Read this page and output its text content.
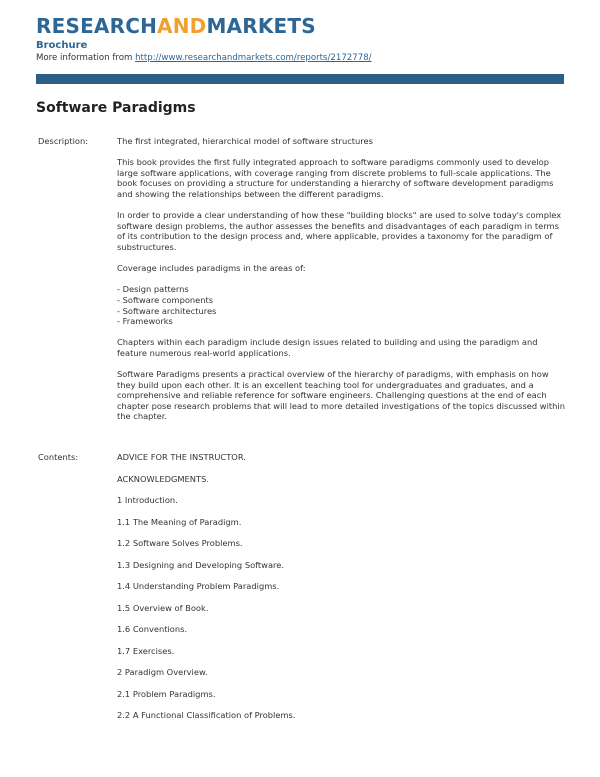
RESEARCHANDMARKETS
Brochure
More information from http://www.researchandmarkets.com/reports/2172778/
Software Paradigms
Description:	The first integrated, hierarchical model of software structures

This book provides the first fully integrated approach to software paradigms commonly used to develop large software applications, with coverage ranging from discrete problems to full-scale applications. The book focuses on providing a structure for understanding a hierarchy of software development paradigms and showing the relationships between the different paradigms.

In order to provide a clear understanding of how these "building blocks" are used to solve today's complex software design problems, the author assesses the benefits and disadvantages of each paradigm in terms of its contribution to the design process and, where applicable, provides a taxonomy for the paradigm of substructures.

Coverage includes paradigms in the areas of:

- Design patterns
- Software components
- Software architectures
- Frameworks

Chapters within each paradigm include design issues related to building and using the paradigm and feature numerous real-world applications.

Software Paradigms presents a practical overview of the hierarchy of paradigms, with emphasis on how they build upon each other. It is an excellent teaching tool for undergraduates and graduates, and a comprehensive and reliable reference for software engineers. Challenging questions at the end of each chapter pose research problems that will lead to more detailed investigations of the topics discussed within the chapter.

Contents:	ADVICE FOR THE INSTRUCTOR.
ACKNOWLEDGMENTS.
1 Introduction.
1.1 The Meaning of Paradigm.
1.2 Software Solves Problems.
1.3 Designing and Developing Software.
1.4 Understanding Problem Paradigms.
1.5 Overview of Book.
1.6 Conventions.
1.7 Exercises.
2 Paradigm Overview.
2.1 Problem Paradigms.
2.2 A Functional Classification of Problems.
